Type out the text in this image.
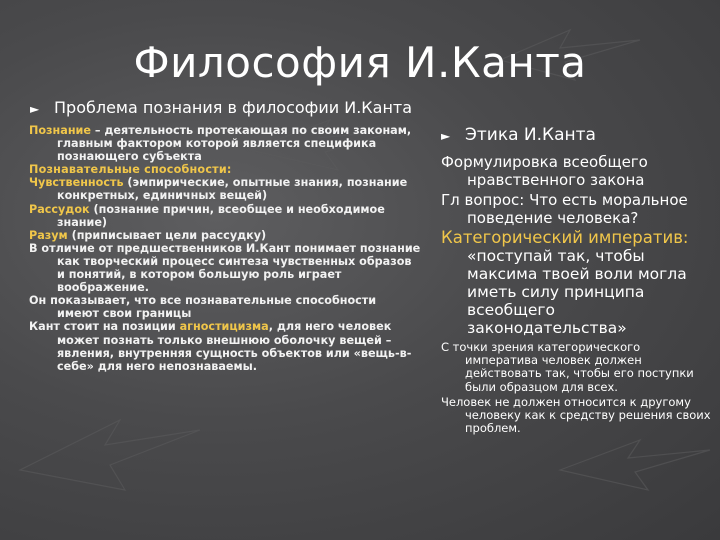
Философия И.Канта
► Проблема познания в философии И.Канта

Познание – деятельность протекающая по своим законам, главным фактором которой является специфика познающего субъекта

Познавательные способности:

Чувственность (эмпирические, опытные знания, познание конкретных, единичных вещей)

Рассудок (познание причин, всеобщее и необходимое знание)

Разум (приписывает цели рассудку)

В отличие от предшественников И.Кант понимает познание как творческий процесс синтеза чувственных образов и понятий, в котором большую роль играет воображение.

Он показывает, что все познавательные способности имеют свои границы

Кант стоит на позиции агностицизма, для него человек может познать только внешнюю оболочку вещей – явления, внутренняя сущность объектов или «вещь-в-себе» для него непознаваемы.

► Этика И.Канта

Формулировка всеобщего нравственного закона

Гл вопрос: Что есть моральное поведение человека?

Категорический императив: «поступай так, чтобы максима твоей воли могла иметь силу принципа всеобщего законодательства»

С точки зрения категорического императива человек должен действовать так, чтобы его поступки были образцом для всех.

Человек не должен относится к другому человеку как к средству решения своих проблем.
